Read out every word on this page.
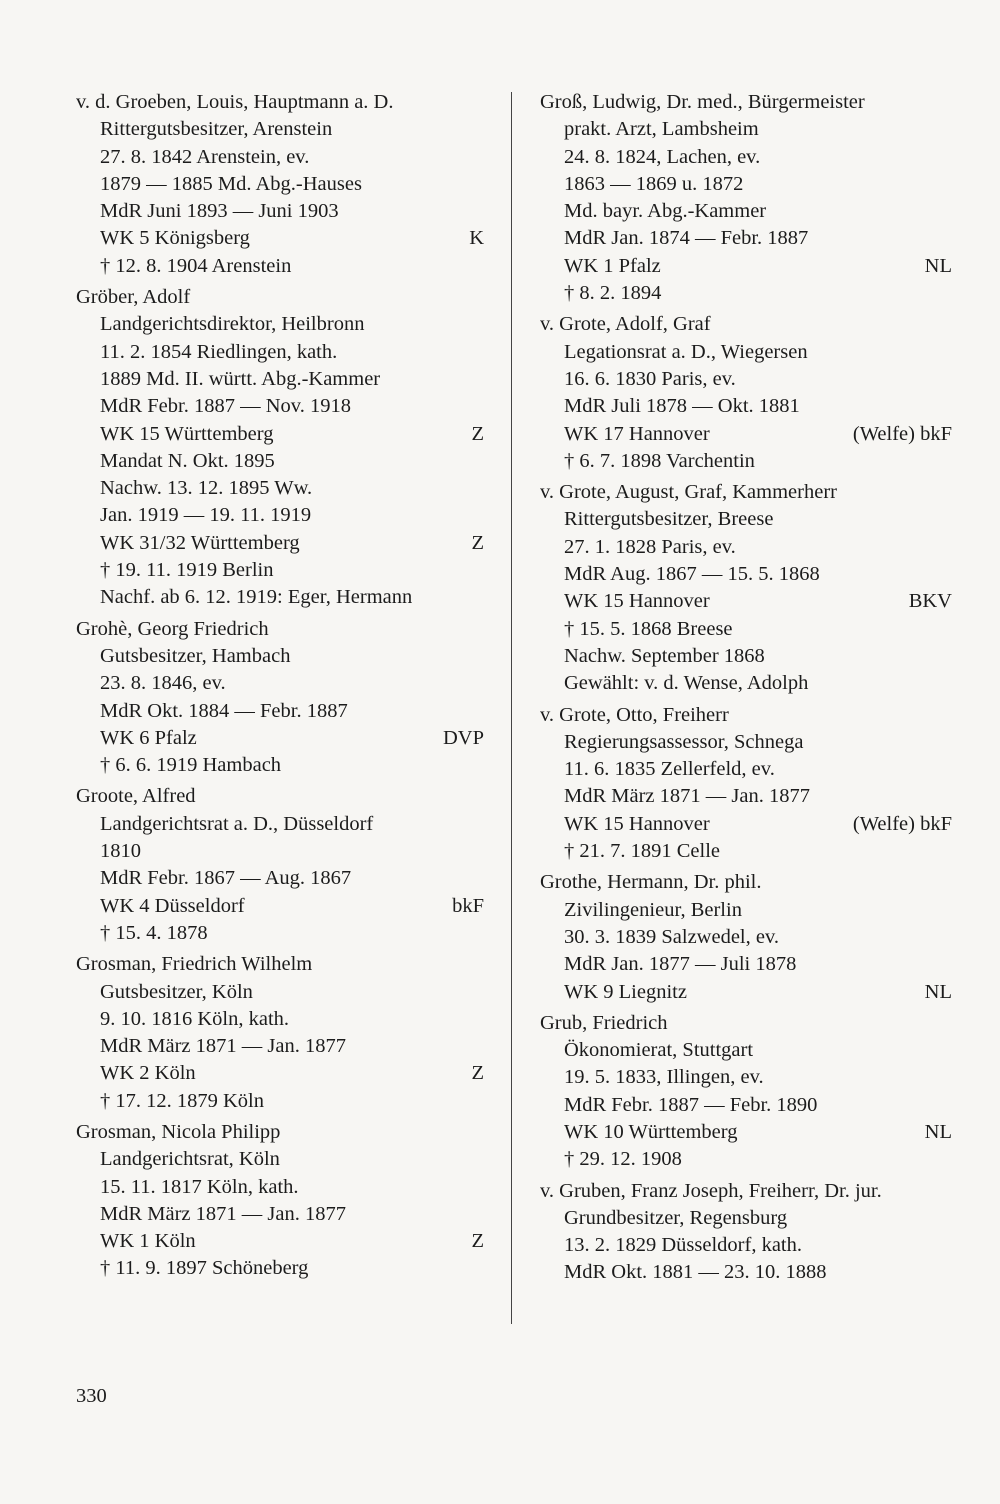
v. d. Groeben, Louis, Hauptmann a. D.
Rittergutsbesitzer, Arenstein
27. 8. 1842 Arenstein, ev.
1879 — 1885 Md. Abg.-Hauses
MdR Juni 1893 — Juni 1903
WK 5 Königsberg	K
† 12. 8. 1904 Arenstein
Gröber, Adolf
Landgerichtsdirektor, Heilbronn
11. 2. 1854 Riedlingen, kath.
1889 Md. II. württ. Abg.-Kammer
MdR Febr. 1887 — Nov. 1918
WK 15 Württemberg	Z
Mandat N. Okt. 1895
Nachw. 13. 12. 1895 Ww.
Jan. 1919 — 19. 11. 1919
WK 31/32 Württemberg	Z
† 19. 11. 1919 Berlin
Nachf. ab 6. 12. 1919: Eger, Hermann
Grohè, Georg Friedrich
Gutsbesitzer, Hambach
23. 8. 1846, ev.
MdR Okt. 1884 — Febr. 1887
WK 6 Pfalz	DVP
† 6. 6. 1919 Hambach
Groote, Alfred
Landgerichtsrat a. D., Düsseldorf
1810
MdR Febr. 1867 — Aug. 1867
WK 4 Düsseldorf	bkF
† 15. 4. 1878
Grosman, Friedrich Wilhelm
Gutsbesitzer, Köln
9. 10. 1816 Köln, kath.
MdR März 1871 — Jan. 1877
WK 2 Köln	Z
† 17. 12. 1879 Köln
Grosman, Nicola Philipp
Landgerichtsrat, Köln
15. 11. 1817 Köln, kath.
MdR März 1871 — Jan. 1877
WK 1 Köln	Z
† 11. 9. 1897 Schöneberg
Groß, Ludwig, Dr. med., Bürgermeister
prakt. Arzt, Lambsheim
24. 8. 1824, Lachen, ev.
1863 — 1869 u. 1872
Md. bayr. Abg.-Kammer
MdR Jan. 1874 — Febr. 1887
WK 1 Pfalz	NL
† 8. 2. 1894
v. Grote, Adolf, Graf
Legationsrat a. D., Wiegersen
16. 6. 1830 Paris, ev.
MdR Juli 1878 — Okt. 1881
WK 17 Hannover	(Welfe) bkF
† 6. 7. 1898 Varchentin
v. Grote, August, Graf, Kammerherr
Rittergutsbesitzer, Breese
27. 1. 1828 Paris, ev.
MdR Aug. 1867 — 15. 5. 1868
WK 15 Hannover	BKV
† 15. 5. 1868 Breese
Nachw. September 1868
Gewählt: v. d. Wense, Adolph
v. Grote, Otto, Freiherr
Regierungsassessor, Schnega
11. 6. 1835 Zellerfeld, ev.
MdR März 1871 — Jan. 1877
WK 15 Hannover	(Welfe) bkF
† 21. 7. 1891 Celle
Grothe, Hermann, Dr. phil.
Zivilingenieur, Berlin
30. 3. 1839 Salzwedel, ev.
MdR Jan. 1877 — Juli 1878
WK 9 Liegnitz	NL
Grub, Friedrich
Ökonomierat, Stuttgart
19. 5. 1833, Illingen, ev.
MdR Febr. 1887 — Febr. 1890
WK 10 Württemberg	NL
† 29. 12. 1908
v. Gruben, Franz Joseph, Freiherr, Dr. jur.
Grundbesitzer, Regensburg
13. 2. 1829 Düsseldorf, kath.
MdR Okt. 1881 — 23. 10. 1888
330
